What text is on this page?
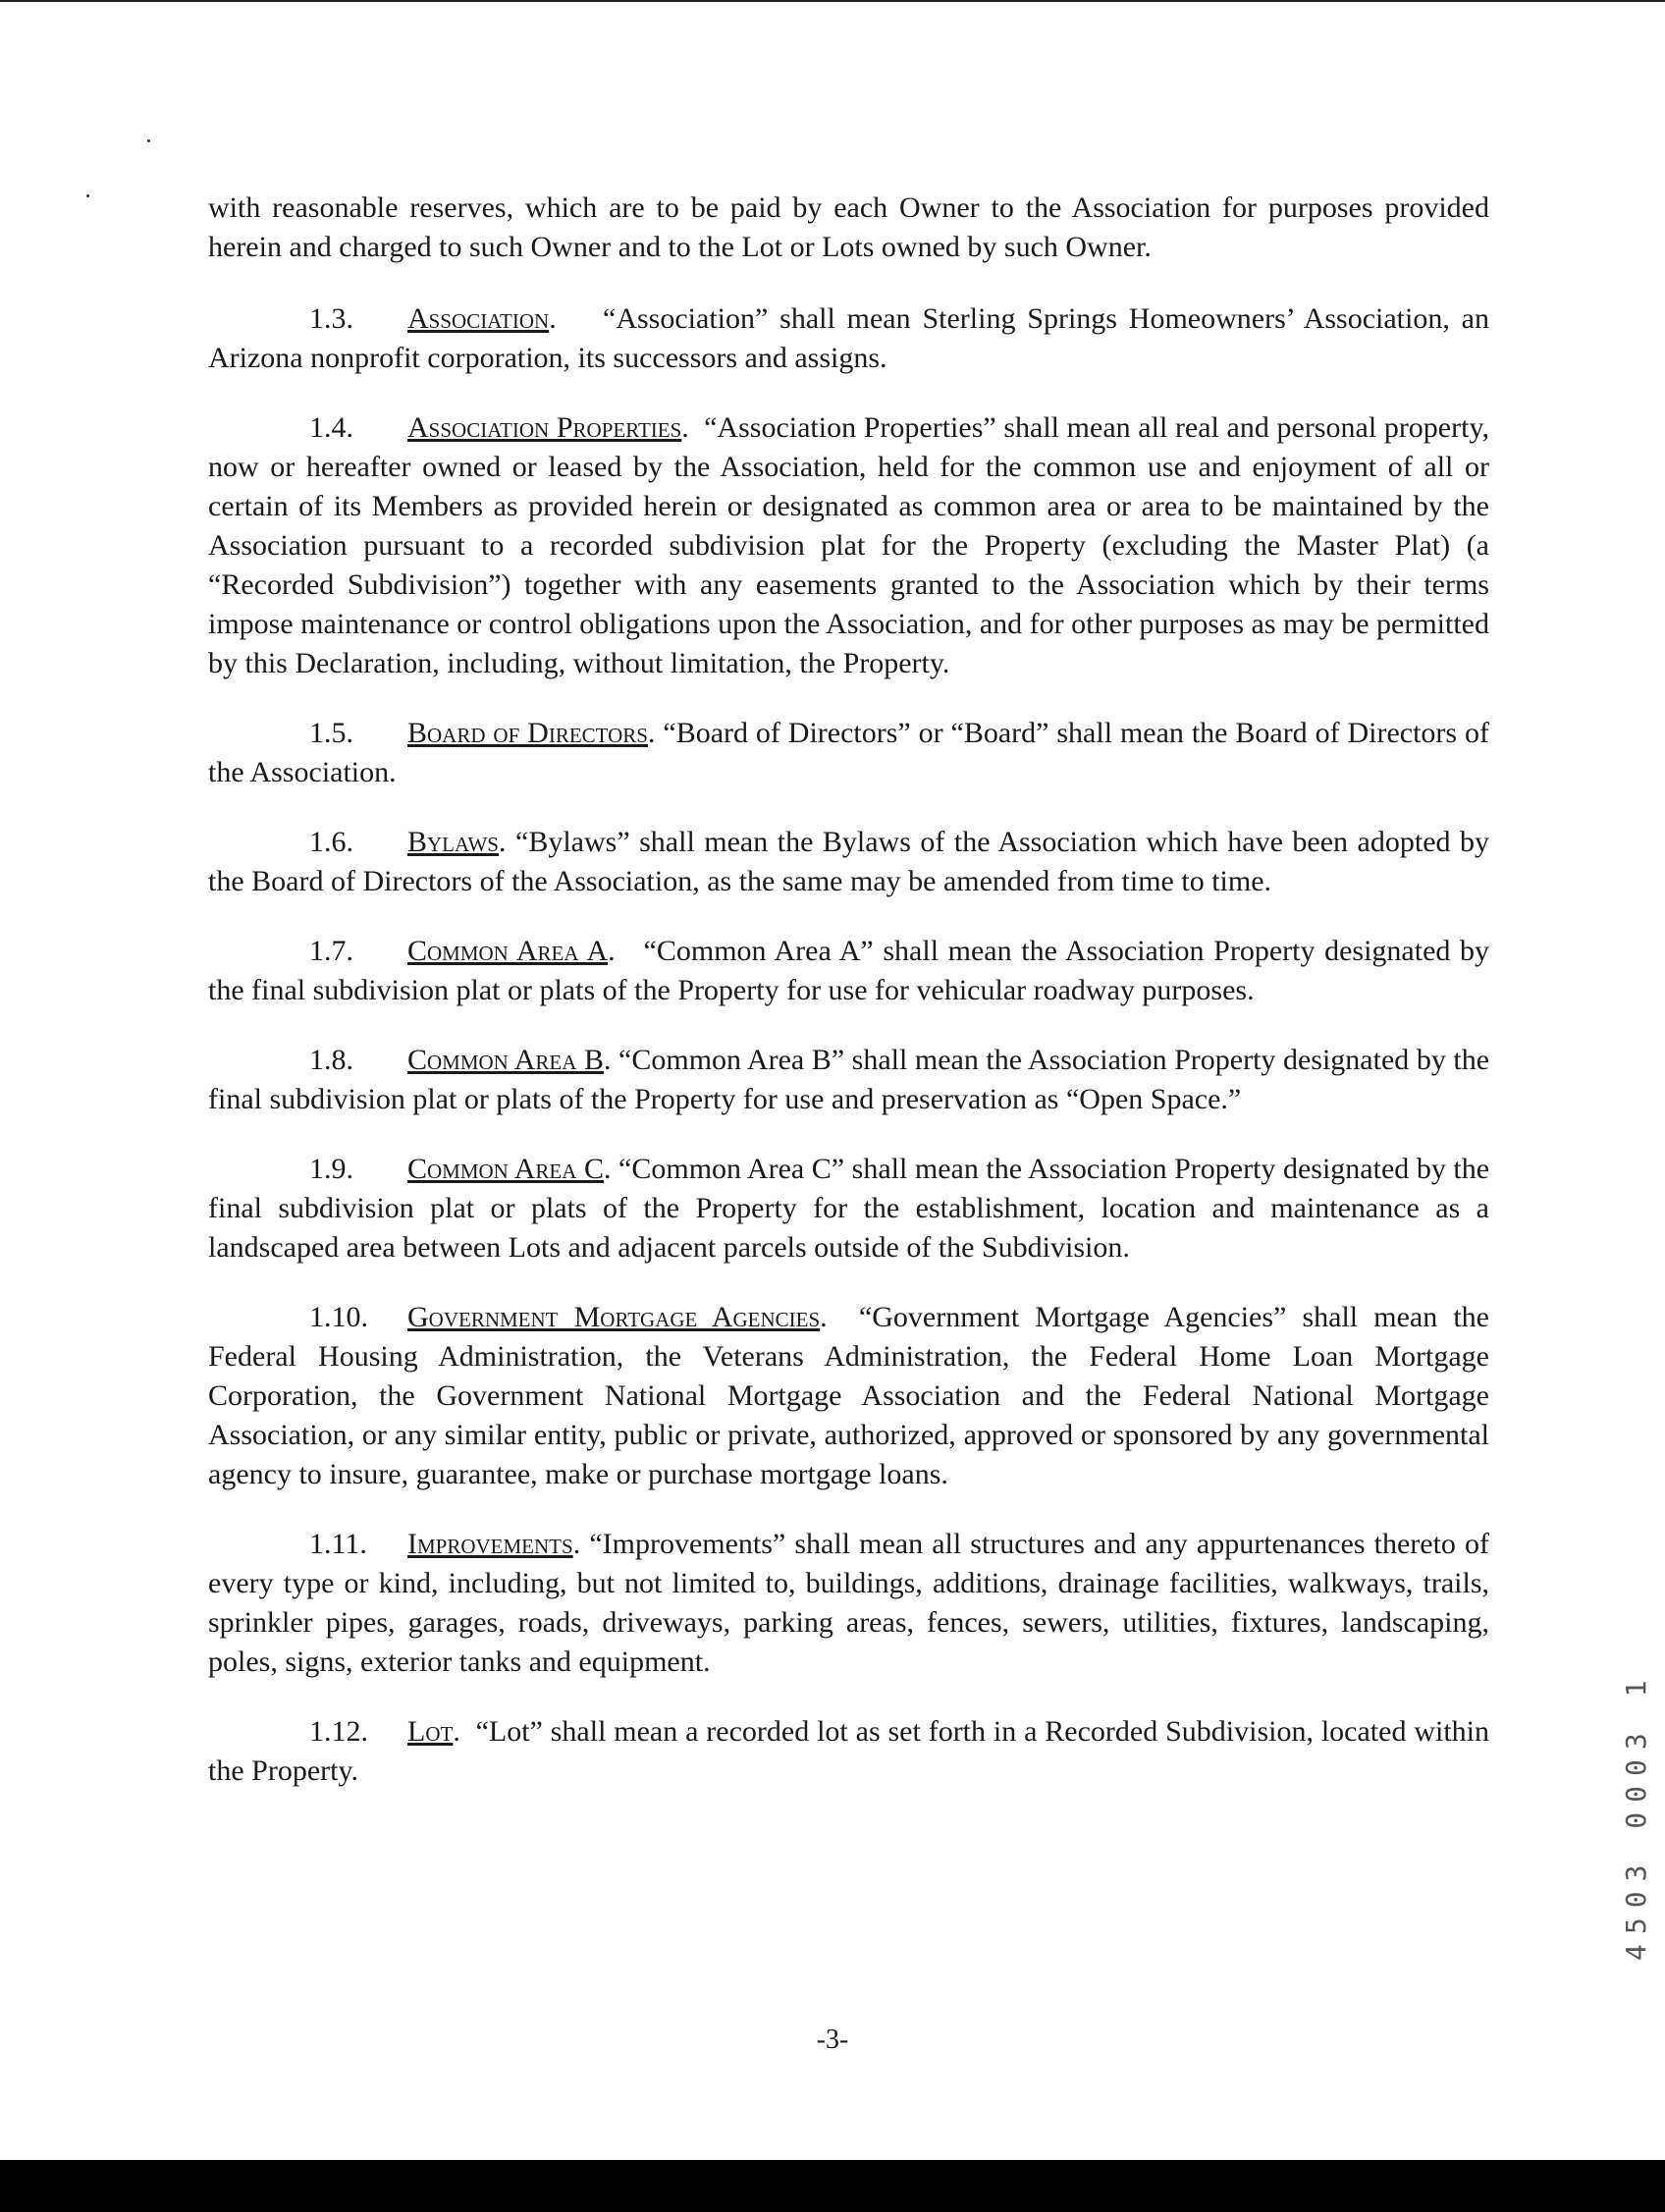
with reasonable reserves, which are to be paid by each Owner to the Association for purposes provided herein and charged to such Owner and to the Lot or Lots owned by such Owner.

1.3. Association.    “Association” shall mean Sterling Springs Homeowners’ Association, an Arizona nonprofit corporation, its successors and assigns.

1.4. Association Properties.  “Association Properties” shall mean all real and personal property, now or hereafter owned or leased by the Association, held for the common use and enjoyment of all or certain of its Members as provided herein or designated as common area or area to be maintained by the Association pursuant to a recorded subdivision plat for the Property (excluding the Master Plat) (a “Recorded Subdivision”) together with any easements granted to the Association which by their terms impose maintenance or control obligations upon the Association, and for other purposes as may be permitted by this Declaration, including, without limitation, the Property.

1.5. Board of Directors. “Board of Directors” or “Board” shall mean the Board of Directors of the Association.

1.6. Bylaws. “Bylaws” shall mean the Bylaws of the Association which have been adopted by the Board of Directors of the Association, as the same may be amended from time to time.

1.7. Common Area A.   “Common Area A” shall mean the Association Property designated by the final subdivision plat or plats of the Property for use for vehicular roadway purposes.

1.8. Common Area B. “Common Area B” shall mean the Association Property designated by the final subdivision plat or plats of the Property for use and preservation as “Open Space.”

1.9. Common Area C. “Common Area C” shall mean the Association Property designated by the final subdivision plat or plats of the Property for the establishment, location and maintenance as a landscaped area between Lots and adjacent parcels outside of the Subdivision.

1.10. Government Mortgage Agencies.  “Government Mortgage Agencies” shall mean the Federal Housing Administration, the Veterans Administration, the Federal Home Loan Mortgage Corporation, the Government National Mortgage Association and the Federal National Mortgage Association, or any similar entity, public or private, authorized, approved or sponsored by any governmental agency to insure, guarantee, make or purchase mortgage loans.

1.11. Improvements. “Improvements” shall mean all structures and any appurtenances thereto of every type or kind, including, but not limited to, buildings, additions, drainage facilities, walkways, trails, sprinkler pipes, garages, roads, driveways, parking areas, fences, sewers, utilities, fixtures, landscaping, poles, signs, exterior tanks and equipment.

1.12. Lot.  “Lot” shall mean a recorded lot as set forth in a Recorded Subdivision, located within the Property.

-3-
4503 0003 1
